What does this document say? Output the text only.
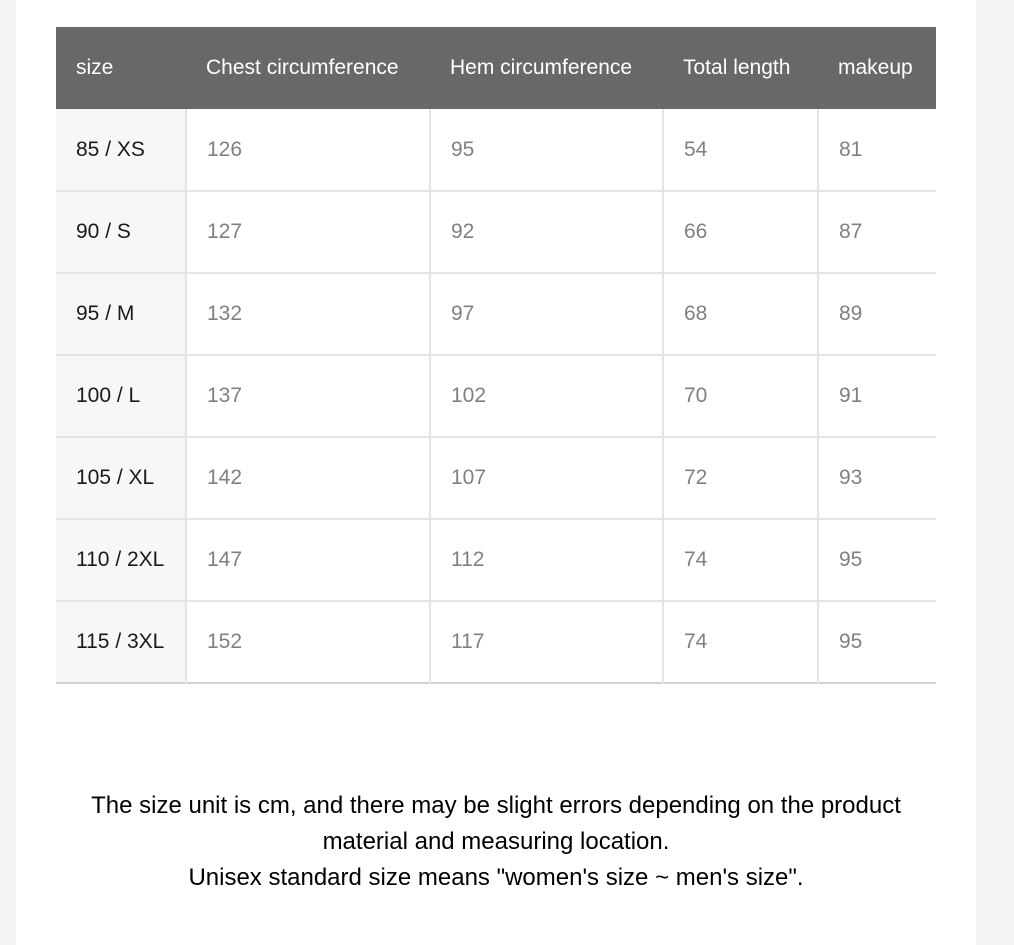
size	Chest circumference	Hem circumference	Total length	makeup
85 / XS	126	95	54	81
90 / S	127	92	66	87
95 / M	132	97	68	89
100 / L	137	102	70	91
105 / XL	142	107	72	93
110 / 2XL	147	112	74	95
115 / 3XL	152	117	74	95

The size unit is cm, and there may be slight errors depending on the product material and measuring location.

Unisex standard size means "women's size ~ men's size".
